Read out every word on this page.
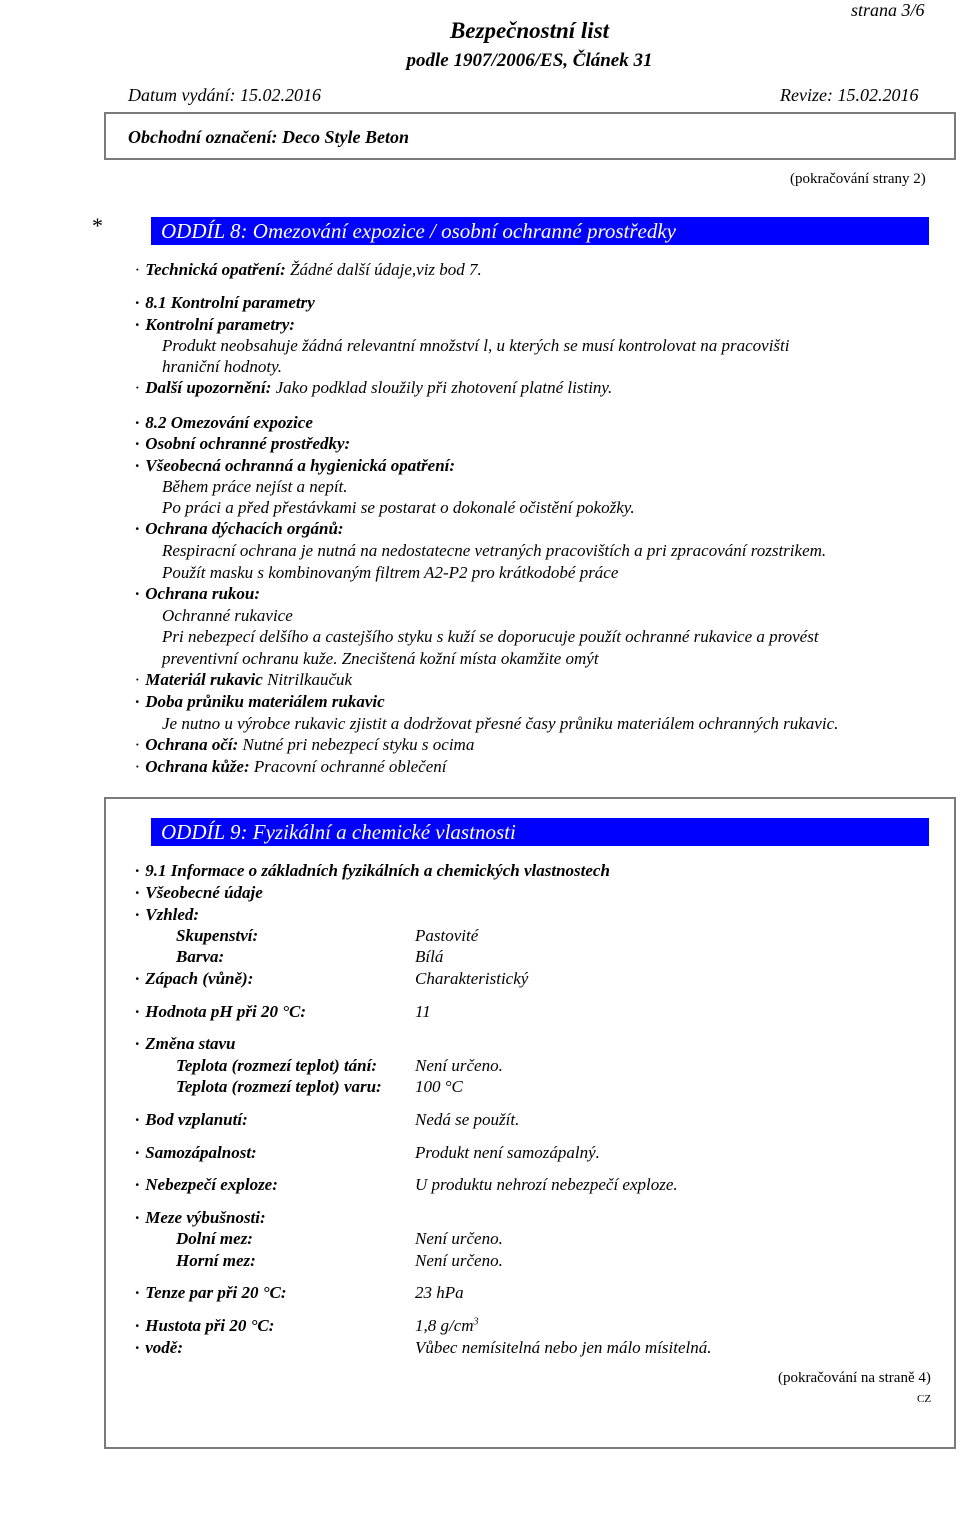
strana 3/6
Bezpečnostní list
podle 1907/2006/ES, Článek 31
Datum vydání: 15.02.2016	Revize: 15.02.2016
Obchodní označení: Deco Style Beton
(pokračování strany 2)
*	ODDÍL 8: Omezování expozice / osobní ochranné prostředky
· Technická opatření: Žádné další údaje,viz bod 7.
· 8.1 Kontrolní parametry
· Kontrolní parametry:
Produkt neobsahuje žádná relevantní množství l, u kterých se musí kontrolovat na pracovišti
hraniční hodnoty.
· Další upozornění: Jako podklad sloužily při zhotovení platné listiny.
· 8.2 Omezování expozice
· Osobní ochranné prostředky:
· Všeobecná ochranná a hygienická opatření:
Během práce nejíst a nepít.
Po práci a před přestávkami se postarat o dokonalé očistění pokožky.
· Ochrana dýchacích orgánů:
Respiracní ochrana je nutná na nedostatecne vetraných pracovištích a pri zpracování rozstrikem.
Použít masku s kombinovaným filtrem A2-P2 pro krátkodobé práce
· Ochrana rukou:
Ochranné rukavice
Pri nebezpecí delšího a castejšího styku s kuží se doporucuje použít ochranné rukavice a provést
preventivní ochranu kuže. Znecištená kožní místa okamžite omýt
· Materiál rukavic Nitrilkaučuk
· Doba průniku materiálem rukavic
Je nutno u výrobce rukavic zjistit a dodržovat přesné časy průniku materiálem ochranných rukavic.
· Ochrana očí: Nutné pri nebezpecí styku s ocima
· Ochrana kůže: Pracovní ochranné oblečení
ODDÍL 9: Fyzikální a chemické vlastnosti
· 9.1 Informace o základních fyzikálních a chemických vlastnostech
· Všeobecné údaje
· Vzhled:
Skupenství:	Pastovité
Barva:	Bílá
· Zápach (vůně):	Charakteristický
· Hodnota pH při 20 °C:	11
· Změna stavu
Teplota (rozmezí teplot) tání: Není určeno.
Teplota (rozmezí teplot) varu: 100 °C
· Bod vzplanutí:	Nedá se použít.
· Samozápalnost:	Produkt není samozápalný.
· Nebezpečí exploze:	U produktu nehrozí nebezpečí exploze.
· Meze výbušnosti:
Dolní mez:	Není určeno.
Horní mez:	Není určeno.
· Tenze par při 20 °C:	23 hPa
· Hustota při 20 °C:	1,8 $g/cm^3$
· vodě:	Vůbec nemísitelná nebo jen málo mísitelná.
(pokračování na straně 4)
CZ
